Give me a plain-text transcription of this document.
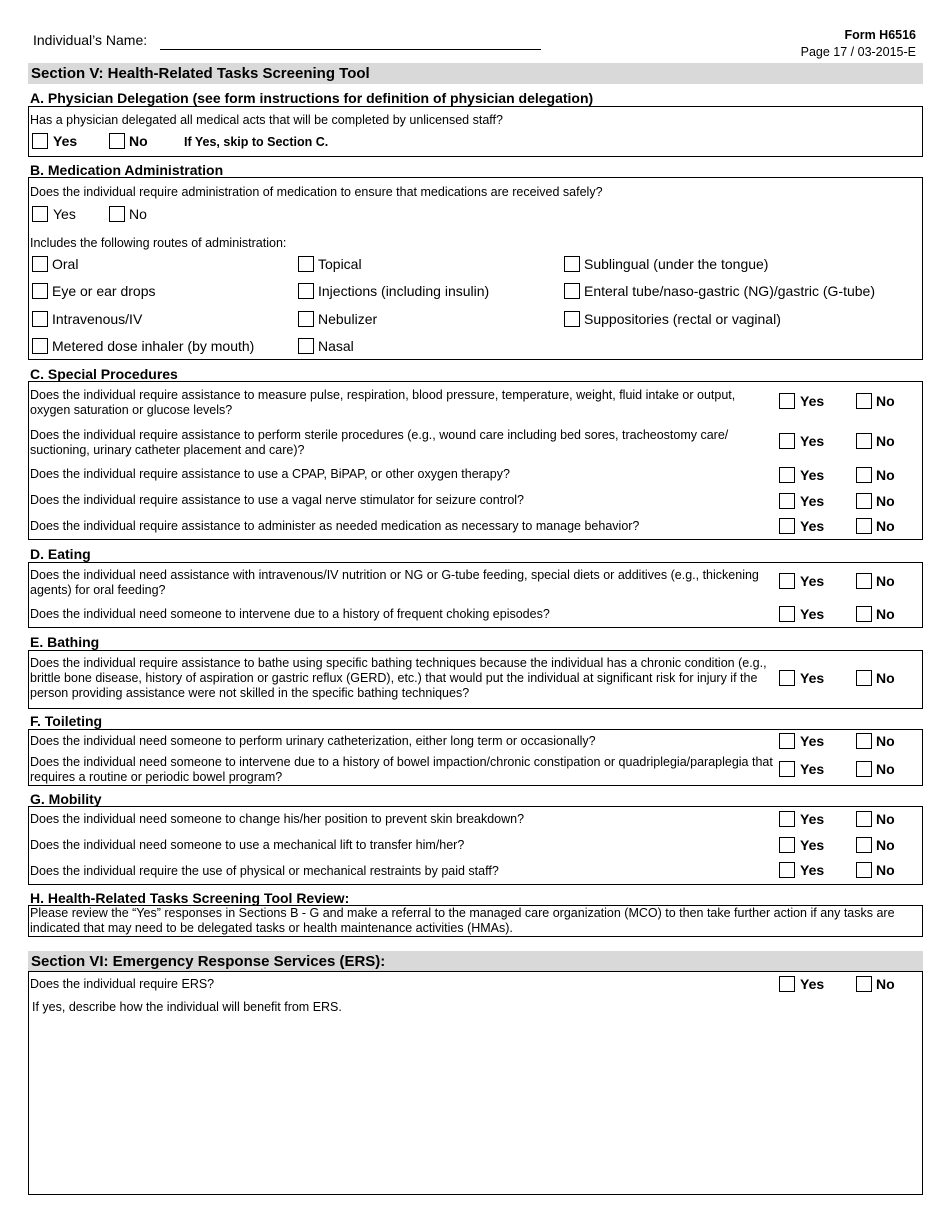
Individual’s Name:	Form H6516
Page 17 / 03-2015-E
Section V: Health-Related Tasks Screening Tool
A. Physician Delegation (see form instructions for definition of physician delegation)
Has a physician delegated all medical acts that will be completed by unlicensed staff?
Yes	No	If Yes, skip to Section C.
B. Medication Administration
Does the individual require administration of medication to ensure that medications are received safely?
Yes	No
Includes the following routes of administration:
Oral	Topical	Sublingual (under the tongue)
Eye or ear drops	Injections (including insulin)	Enteral tube/naso-gastric (NG)/gastric (G-tube)
Intravenous/IV	Nebulizer	Suppositories (rectal or vaginal)
Metered dose inhaler (by mouth)	Nasal
C. Special Procedures
Does the individual require assistance to measure pulse, respiration, blood pressure, temperature, weight, fluid intake or output, oxygen saturation or glucose levels?
Yes	No
Does the individual require assistance to perform sterile procedures (e.g., wound care including bed sores, tracheostomy care/ suctioning, urinary catheter placement and care)?
Yes	No
Does the individual require assistance to use a CPAP, BiPAP, or other oxygen therapy?	Yes	No
Does the individual require assistance to use a vagal nerve stimulator for seizure control?	Yes	No
Does the individual require assistance to administer as needed medication as necessary to manage behavior?	Yes	No
D. Eating
Does the individual need assistance with intravenous/IV nutrition or NG or G-tube feeding, special diets or additives (e.g., thickening agents) for oral feeding?
Yes	No
Does the individual need someone to intervene due to a history of frequent choking episodes?	Yes	No
E. Bathing
Does the individual require assistance to bathe using specific bathing techniques because the individual has a chronic condition (e.g., brittle bone disease, history of aspiration or gastric reflux (GERD), etc.) that would put the individual at significant risk for injury if the person providing assistance were not skilled in the specific bathing techniques?
Yes	No
F. Toileting
Does the individual need someone to perform urinary catheterization, either long term or occasionally?	Yes	No
Does the individual need someone to intervene due to a history of bowel impaction/chronic constipation or quadriplegia/paraplegia that requires a routine or periodic bowel program?	Yes	No
G. Mobility
Does the individual need someone to change his/her position to prevent skin breakdown?	Yes	No
Does the individual need someone to use a mechanical lift to transfer him/her?	Yes	No
Does the individual require the use of physical or mechanical restraints by paid staff?	Yes	No
H. Health-Related Tasks Screening Tool Review:
Please review the “Yes” responses in Sections B - G and make a referral to the managed care organization (MCO) to then take further action if any tasks are indicated that may need to be delegated tasks or health maintenance activities (HMAs).
Section VI: Emergency Response Services (ERS):
Does the individual require ERS?	Yes	No
If yes, describe how the individual will benefit from ERS.
